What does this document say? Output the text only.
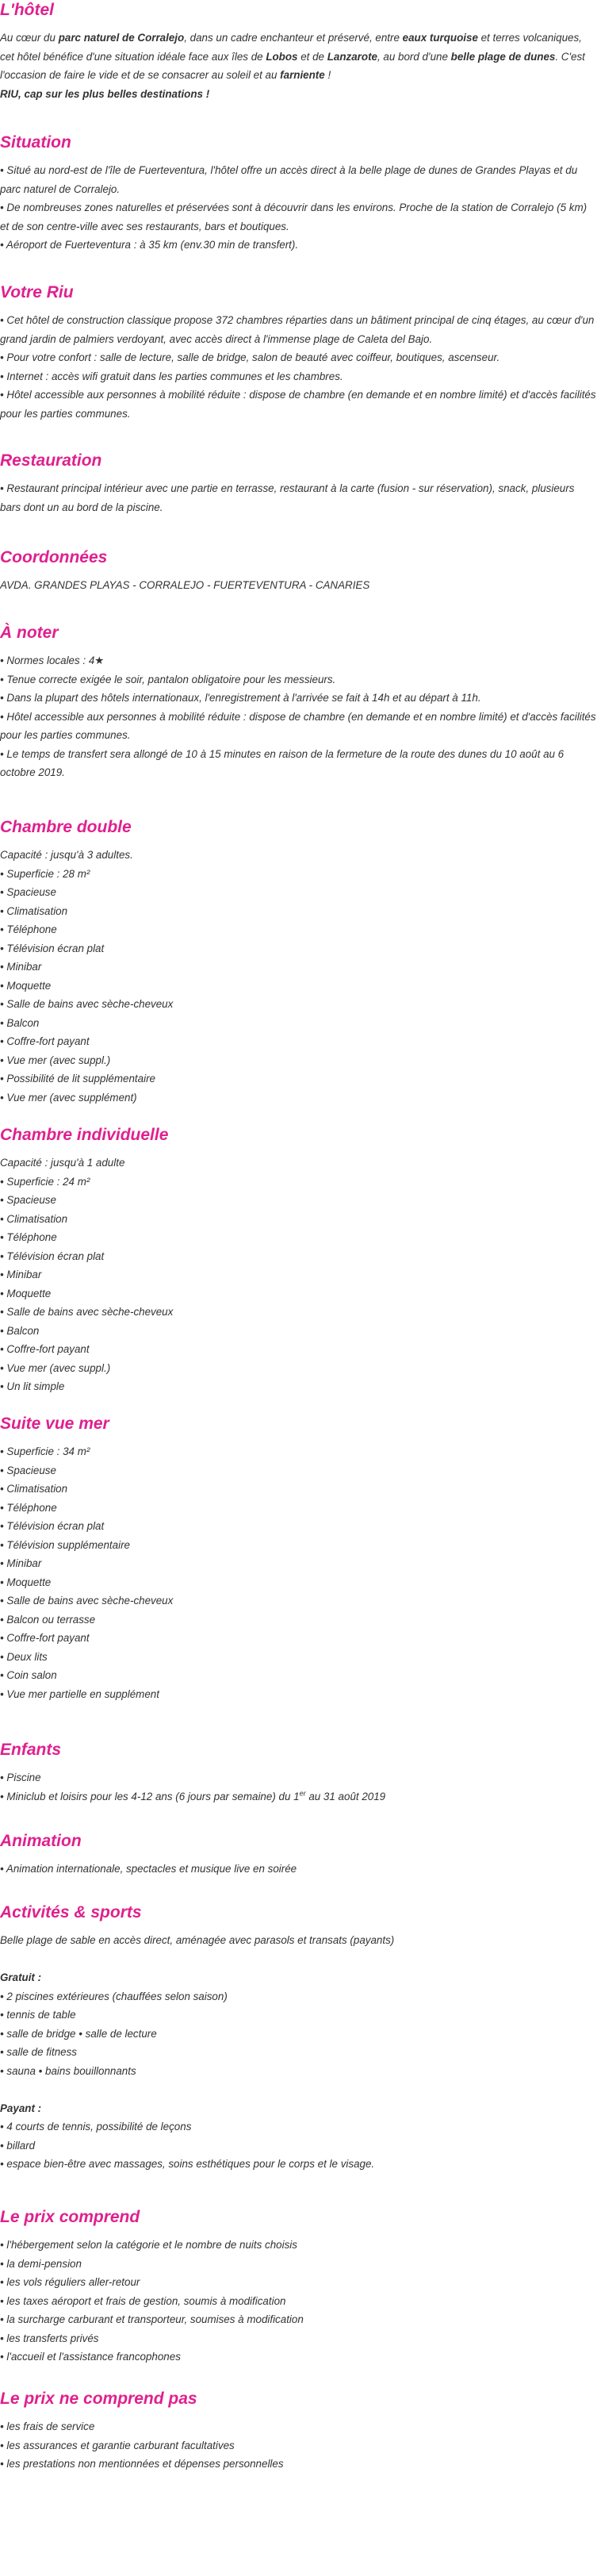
L'hôtel
Au cœur du parc naturel de Corralejo, dans un cadre enchanteur et préservé, entre eaux turquoise et terres volcaniques, cet hôtel bénéfice d'une situation idéale face aux îles de Lobos et de Lanzarote, au bord d'une belle plage de dunes. C'est l'occasion de faire le vide et de se consacrer au soleil et au farniente !
RIU, cap sur les plus belles destinations !
Situation
• Situé au nord-est de l'île de Fuerteventura, l'hôtel offre un accès direct à la belle plage de dunes de Grandes Playas et du parc naturel de Corralejo.
• De nombreuses zones naturelles et préservées sont à découvrir dans les environs. Proche de la station de Corralejo (5 km) et de son centre-ville avec ses restaurants, bars et boutiques.
• Aéroport de Fuerteventura : à 35 km (env.30 min de transfert).
Votre Riu
• Cet hôtel de construction classique propose 372 chambres réparties dans un bâtiment principal de cinq étages, au cœur d'un grand jardin de palmiers verdoyant, avec accès direct à l'immense plage de Caleta del Bajo.
• Pour votre confort : salle de lecture, salle de bridge, salon de beauté avec coiffeur, boutiques, ascenseur.
• Internet : accès wifi gratuit dans les parties communes et les chambres.
• Hôtel accessible aux personnes à mobilité réduite : dispose de chambre (en demande et en nombre limité) et d'accès facilités pour les parties communes.
Restauration
• Restaurant principal intérieur avec une partie en terrasse, restaurant à la carte (fusion - sur réservation), snack, plusieurs bars dont un au bord de la piscine.
Coordonnées
AVDA. GRANDES PLAYAS - CORRALEJO - FUERTEVENTURA - CANARIES
À noter
• Normes locales : 4★
• Tenue correcte exigée le soir, pantalon obligatoire pour les messieurs.
• Dans la plupart des hôtels internationaux, l'enregistrement à l'arrivée se fait à 14h et au départ à 11h.
• Hôtel accessible aux personnes à mobilité réduite : dispose de chambre (en demande et en nombre limité) et d'accès facilités pour les parties communes.
• Le temps de transfert sera allongé de 10 à 15 minutes en raison de la fermeture de la route des dunes du 10 août au 6 octobre 2019.
Chambre double
Capacité : jusqu'à 3 adultes.
• Superficie : 28 m²
• Spacieuse
• Climatisation
• Téléphone
• Télévision écran plat
• Minibar
• Moquette
• Salle de bains avec sèche-cheveux
• Balcon
• Coffre-fort payant
• Vue mer (avec suppl.)
• Possibilité de lit supplémentaire
• Vue mer (avec supplément)
Chambre individuelle
Capacité : jusqu'à 1 adulte
• Superficie : 24 m²
• Spacieuse
• Climatisation
• Téléphone
• Télévision écran plat
• Minibar
• Moquette
• Salle de bains avec sèche-cheveux
• Balcon
• Coffre-fort payant
• Vue mer (avec suppl.)
• Un lit simple
Suite vue mer
• Superficie : 34 m²
• Spacieuse
• Climatisation
• Téléphone
• Télévision écran plat
• Télévision supplémentaire
• Minibar
• Moquette
• Salle de bains avec sèche-cheveux
• Balcon ou terrasse
• Coffre-fort payant
• Deux lits
• Coin salon
• Vue mer partielle en supplément
Enfants
• Piscine
• Miniclub et loisirs pour les 4-12 ans (6 jours par semaine) du 1er au 31 août 2019
Animation
• Animation internationale, spectacles et musique live en soirée
Activités & sports
Belle plage de sable en accès direct, aménagée avec parasols et transats (payants)
Gratuit :
• 2 piscines extérieures (chauffées selon saison)
• tennis de table
• salle de bridge • salle de lecture
• salle de fitness
• sauna • bains bouillonnants
Payant :
• 4 courts de tennis, possibilité de leçons
• billard
• espace bien-être avec massages, soins esthétiques pour le corps et le visage.
Le prix comprend
• l'hébergement selon la catégorie et le nombre de nuits choisis
• la demi-pension
• les vols réguliers aller-retour
• les taxes aéroport et frais de gestion, soumis à modification
• la surcharge carburant et transporteur, soumises à modification
• les transferts privés
• l'accueil et l'assistance francophones
Le prix ne comprend pas
• les frais de service
• les assurances et garantie carburant facultatives
• les prestations non mentionnées et dépenses personnelles
